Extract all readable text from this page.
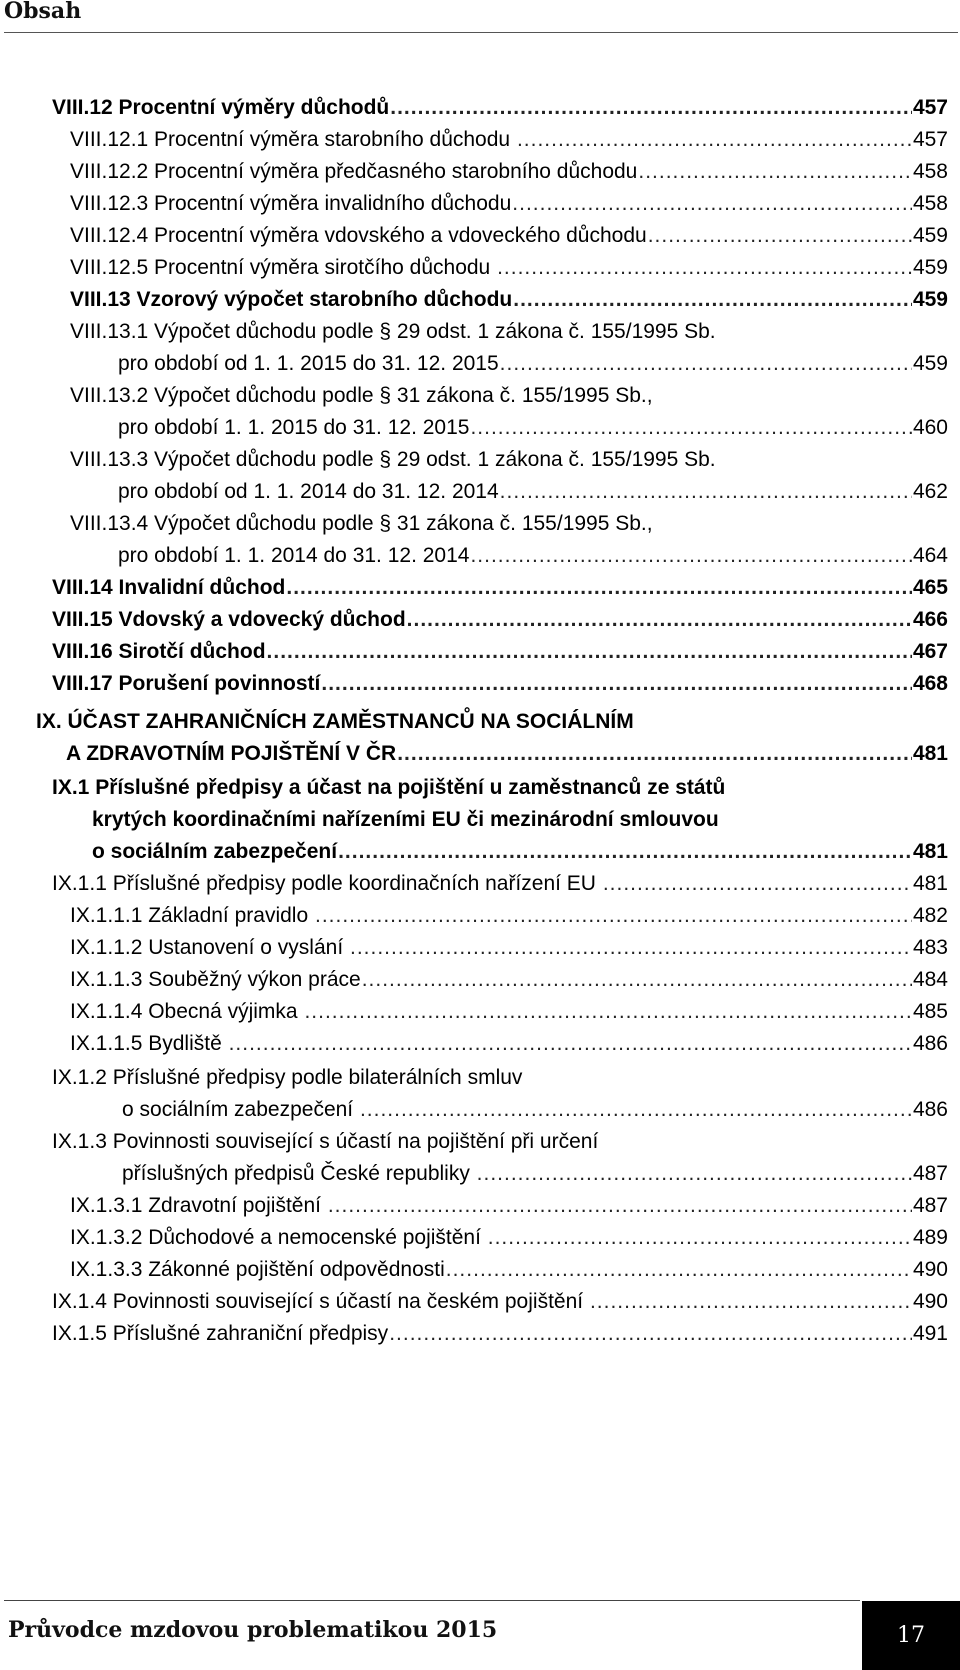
Obsah
VIII.12 Procentní výměry důchodů .....	457
VIII.12.1 Procentní výměra starobního důchodu .....	457
VIII.12.2 Procentní výměra předčasného starobního důchodu .....	458
VIII.12.3 Procentní výměra invalidního důchodu .....	458
VIII.12.4 Procentní výměra vdovského a vdoveckého důchodu .....	459
VIII.12.5 Procentní výměra sirotčího důchodu .....	459
VIII.13 Vzorový výpočet starobního důchodu .....	459
VIII.13.1 Výpočet důchodu podle § 29 odst. 1 zákona č. 155/1995 Sb.
pro období od 1. 1. 2015 do 31. 12. 2015 .....	459
VIII.13.2 Výpočet důchodu podle § 31 zákona č. 155/1995 Sb.,
pro období 1. 1. 2015 do 31. 12. 2015 .....	460
VIII.13.3 Výpočet důchodu podle § 29 odst. 1 zákona č. 155/1995 Sb.
pro období od 1. 1. 2014 do 31. 12. 2014 .....	462
VIII.13.4 Výpočet důchodu podle § 31 zákona č. 155/1995 Sb.,
pro období 1. 1. 2014 do 31. 12. 2014 .....	464
VIII.14 Invalidní důchod .....	465
VIII.15 Vdovský a vdovecký důchod .....	466
VIII.16 Sirotčí důchod .....	467
VIII.17 Porušení povinností .....	468
IX. ÚČAST ZAHRANIČNÍCH ZAMĚSTNANCŮ NA SOCIÁLNÍM
A ZDRAVOTNÍM POJIŠTĚNÍ V ČR .....	481
IX.1 Příslušné předpisy a účast na pojištění u zaměstnanců ze států
krytých koordinačními nařízeními EU či mezinárodní smlouvou
o sociálním zabezpečení .....	481
IX.1.1 Příslušné předpisy podle koordinačních nařízení EU .....	481
IX.1.1.1 Základní pravidlo .....	482
IX.1.1.2 Ustanovení o vyslání .....	483
IX.1.1.3 Souběžný výkon práce .....	484
IX.1.1.4 Obecná výjimka .....	485
IX.1.1.5 Bydliště .....	486
IX.1.2 Příslušné předpisy podle bilaterálních smluv
o sociálním zabezpečení .....	486
IX.1.3 Povinnosti související s účastí na pojištění při určení
příslušných předpisů České republiky .....	487
IX.1.3.1 Zdravotní pojištění .....	487
IX.1.3.2 Důchodové a nemocenské pojištění .....	489
IX.1.3.3 Zákonné pojištění odpovědnosti .....	490
IX.1.4 Povinnosti související s účastí na českém pojištění .....	490
IX.1.5 Příslušné zahraniční předpisy .....	491
Průvodce mzdovou problematikou 2015	17
